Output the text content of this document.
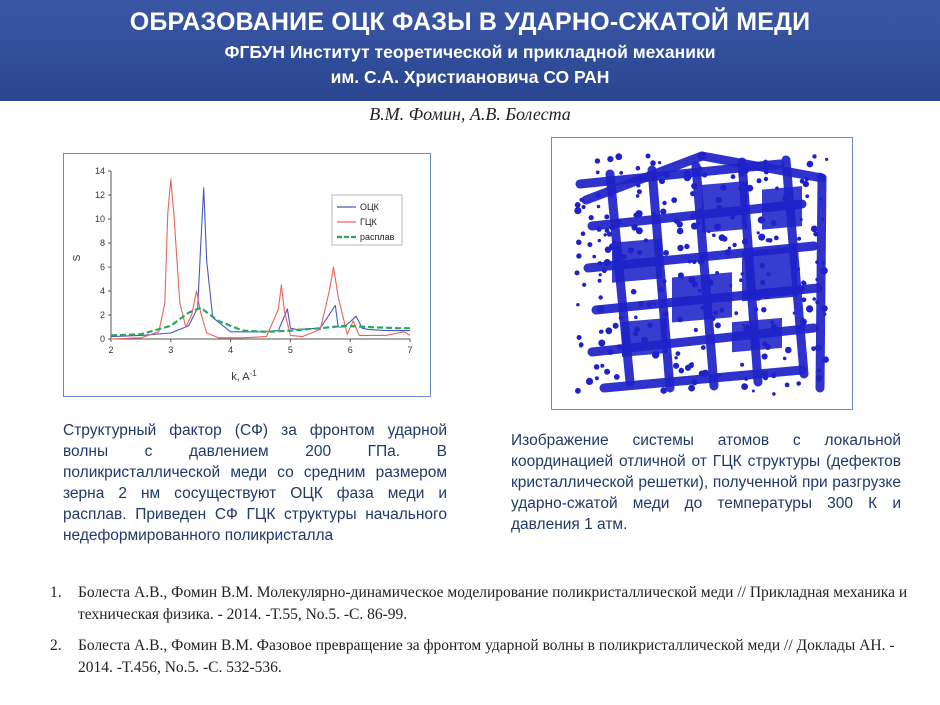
ОБРАЗОВАНИЕ ОЦК ФАЗЫ В УДАРНО-СЖАТОЙ МЕДИ
ФГБУН Институт теоретической и прикладной механики
им. С.А. Христиановича СО РАН
В.М. Фомин, А.В. Болеста
2	3	4	5	6	7
0
2
4
6
8
10
12
14
ОЦК
ГЦК
расплав
k, $A^{-1}$
S
Структурный фактор (СФ) за фронтом ударной волны с давлением 200 ГПа. В поликристаллической меди со средним размером зерна 2 нм сосуществуют ОЦК фаза меди и расплав. Приведен СФ ГЦК структуры начального недеформированного поликристалла
Изображение системы атомов с локальной координацией отличной от ГЦК структуры (дефектов кристаллической решетки), полученной при разгрузке ударно-сжатой меди до температуры 300 К и давления 1 атм.
1. Болеста А.В., Фомин В.М. Молекулярно-динамическое моделирование поликристаллической меди // Прикладная механика и техническая физика. - 2014. -Т.55, No.5. -С. 86-99.
2. Болеста А.В., Фомин В.М. Фазовое превращение за фронтом ударной волны в поликристаллической меди // Доклады АН. - 2014. -Т.456, No.5. -С. 532-536.
